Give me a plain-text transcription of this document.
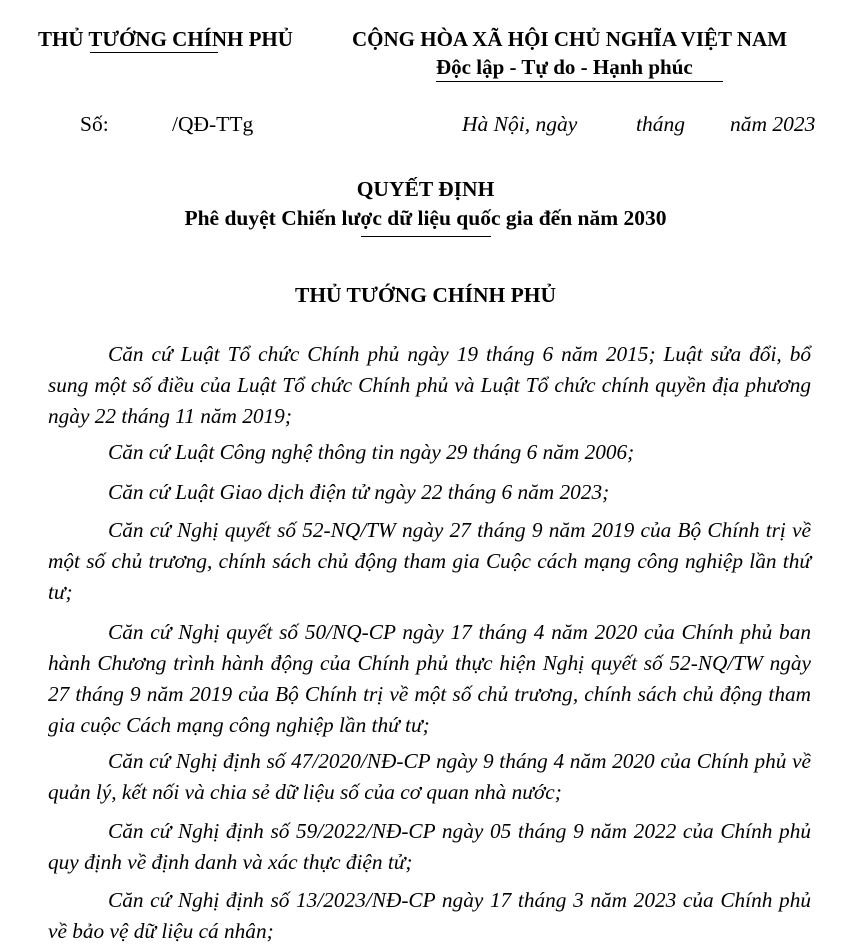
THỦ TƯỚNG CHÍNH PHỦ	CỘNG HÒA XÃ HỘI CHỦ NGHĨA VIỆT NAM
Độc lập - Tự do - Hạnh phúc
Số:	/QĐ-TTg	Hà Nội, ngày	tháng năm 2023
QUYẾT ĐỊNH
Phê duyệt Chiến lược dữ liệu quốc gia đến năm 2030
THỦ TƯỚNG CHÍNH PHỦ
Căn cứ Luật Tổ chức Chính phủ ngày 19 tháng 6 năm 2015; Luật sửa đổi, bổ sung một số điều của Luật Tổ chức Chính phủ và Luật Tổ chức chính quyền địa phương ngày 22 tháng 11 năm 2019;
Căn cứ Luật Công nghệ thông tin ngày 29 tháng 6 năm 2006;
Căn cứ Luật Giao dịch điện tử ngày 22 tháng 6 năm 2023;
Căn cứ Nghị quyết số 52-NQ/TW ngày 27 tháng 9 năm 2019 của Bộ Chính trị về một số chủ trương, chính sách chủ động tham gia Cuộc cách mạng công nghiệp lần thứ tư;
Căn cứ Nghị quyết số 50/NQ-CP ngày 17 tháng 4 năm 2020 của Chính phủ ban hành Chương trình hành động của Chính phủ thực hiện Nghị quyết số 52-NQ/TW ngày 27 tháng 9 năm 2019 của Bộ Chính trị về một số chủ trương, chính sách chủ động tham gia cuộc Cách mạng công nghiệp lần thứ tư;
Căn cứ Nghị định số 47/2020/NĐ-CP ngày 9 tháng 4 năm 2020 của Chính phủ về quản lý, kết nối và chia sẻ dữ liệu số của cơ quan nhà nước;
Căn cứ Nghị định số 59/2022/NĐ-CP ngày 05 tháng 9 năm 2022 của Chính phủ quy định về định danh và xác thực điện tử;
Căn cứ Nghị định số 13/2023/NĐ-CP ngày 17 tháng 3 năm 2023 của Chính phủ về bảo vệ dữ liệu cá nhân;
